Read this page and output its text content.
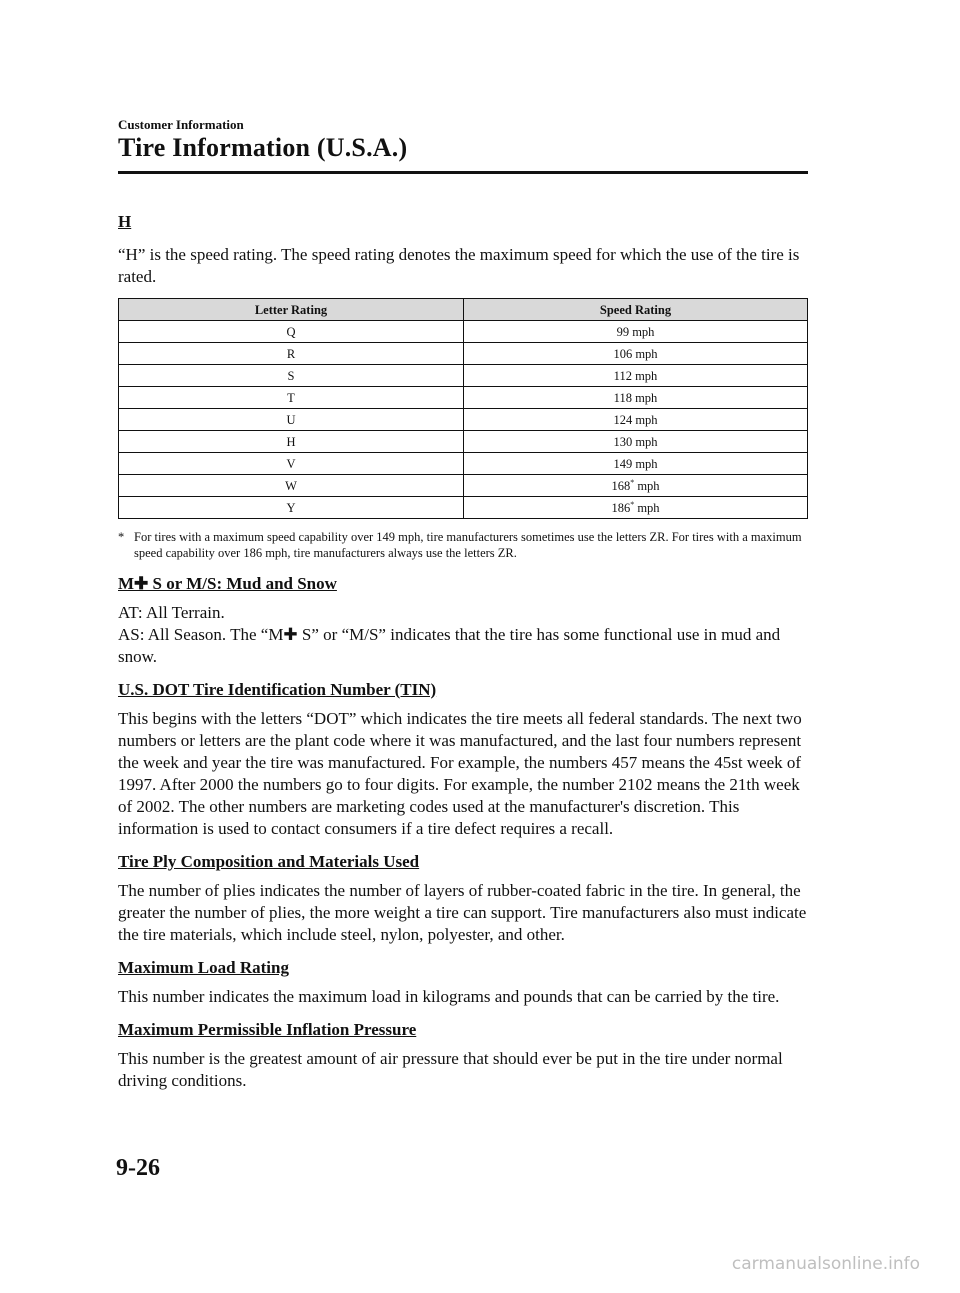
Customer Information

Tire Information (U.S.A.)
H

“H” is the speed rating. The speed rating denotes the maximum speed for which the use of the tire is rated.

Letter Rating	Speed Rating
Q	99 mph
R	106 mph
S	112 mph
T	118 mph
U	124 mph
H	130 mph
V	149 mph
W	168* mph
Y	186* mph

* For tires with a maximum speed capability over 149 mph, tire manufacturers sometimes use the letters ZR. For tires with a maximum speed capability over 186 mph, tire manufacturers always use the letters ZR.

M✚ S or M/S: Mud and Snow

AT: All Terrain.

AS: All Season. The “M✚ S” or “M/S” indicates that the tire has some functional use in mud and snow.

U.S. DOT Tire Identification Number (TIN)

This begins with the letters “DOT” which indicates the tire meets all federal standards. The next two numbers or letters are the plant code where it was manufactured, and the last four numbers represent the week and year the tire was manufactured. For example, the numbers 457 means the 45st week of 1997. After 2000 the numbers go to four digits. For example, the number 2102 means the 21th week of 2002. The other numbers are marketing codes used at the manufacturer's discretion. This information is used to contact consumers if a tire defect requires a recall.

Tire Ply Composition and Materials Used

The number of plies indicates the number of layers of rubber-coated fabric in the tire. In general, the greater the number of plies, the more weight a tire can support. Tire manufacturers also must indicate the tire materials, which include steel, nylon, polyester, and other.

Maximum Load Rating

This number indicates the maximum load in kilograms and pounds that can be carried by the tire.

Maximum Permissible Inflation Pressure

This number is the greatest amount of air pressure that should ever be put in the tire under normal driving conditions.

9-26

carmanualsonline.info
